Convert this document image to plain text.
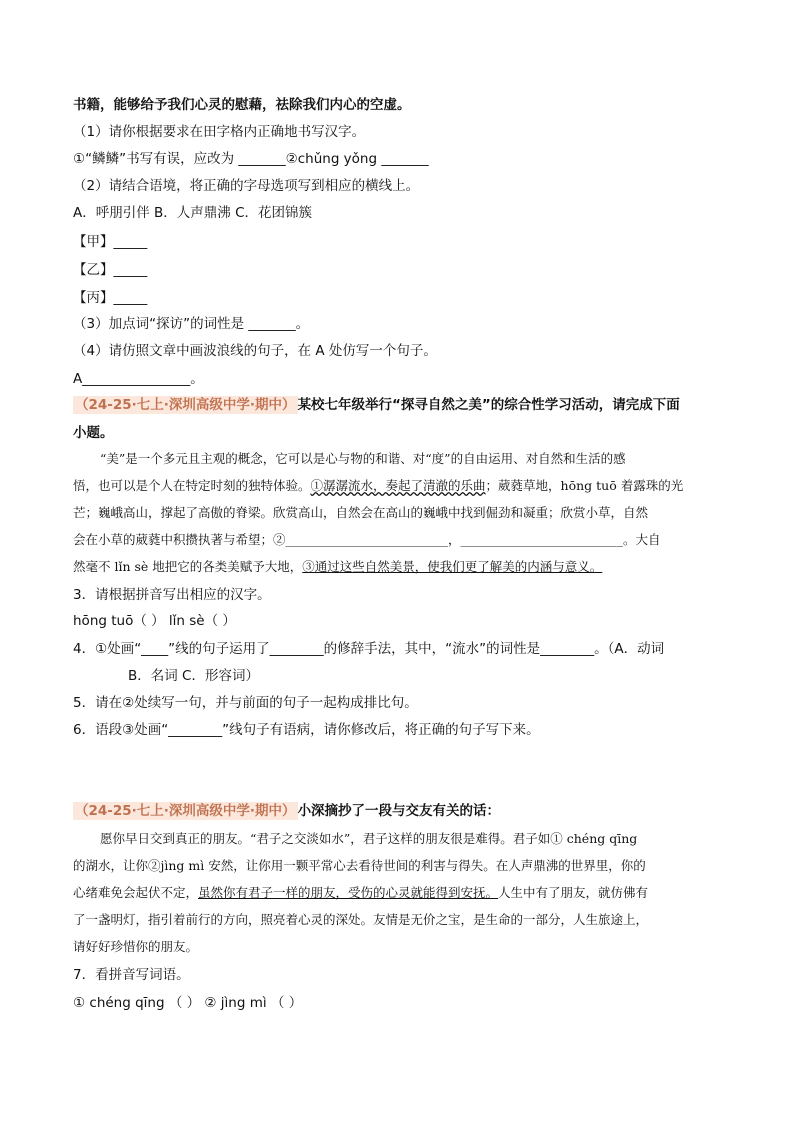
书籍，能够给予我们心灵的慰藉，祛除我们内心的空虚。
（1）请你根据要求在田字格内正确地书写汉字。
①“鳞鳞”书写有误，应改为 _______②chǔng yǒng _______
（2）请结合语境，将正确的字母选项写到相应的横线上。
A．呼朋引伴 B．人声鼎沸 C．花团锦簇
【甲】_____
【乙】_____
【丙】_____
（3）加点词“探访”的词性是 _______。
（4）请仿照文章中画波浪线的句子，在 A 处仿写一个句子。
A________________。
（24-25·七上·深圳高级中学·期中） 某校七年级举行“探寻自然之美”的综合性学习活动，请完成下面
小题。
“美”是一个多元且主观的概念，它可以是心与物的和谐、对“度”的自由运用、对自然和生活的感
悟，也可以是个人在特定时刻的独特体验。①潺潺流水，奏起了清澈的乐曲；葳蕤草地，hōng tuō 着露珠的光
芒；巍峨高山，撑起了高傲的脊梁。欣赏高山，自然会在高山的巍峨中找到倔劲和凝重；欣赏小草，自然
会在小草的葳蕤中积攒执著与希望；②__________________________，__________________________。大自
然毫不 lǐn sè 地把它的各类美赋予大地，③通过这些自然美景，使我们更了解美的内涵与意义。
3．请根据拼音写出相应的汉字。
hōng tuō（ ） lǐn sè（ ）
4．①处画“____”线的句子运用了________的修辞手法，其中，“流水”的词性是________。（A．动词
B．名词 C．形容词）
5．请在②处续写一句，并与前面的句子一起构成排比句。
6．语段③处画“________”线句子有语病，请你修改后，将正确的句子写下来。
（24-25·七上·深圳高级中学·期中） 小深摘抄了一段与交友有关的话：
愿你早日交到真正的朋友。“君子之交淡如水”，君子这样的朋友很是难得。君子如① chéng qīng
的湖水，让你②jìng mì 安然，让你用一颗平常心去看待世间的利害与得失。在人声鼎沸的世界里，你的
心绪难免会起伏不定，虽然你有君子一样的朋友，受伤的心灵就能得到安抚。人生中有了朋友，就仿佛有
了一盏明灯，指引着前行的方向，照亮着心灵的深处。友情是无价之宝，是生命的一部分，人生旅途上，
请好好珍惜你的朋友。
7．看拼音写词语。
① chéng qīng （ ） ② jìng mì （ ）
